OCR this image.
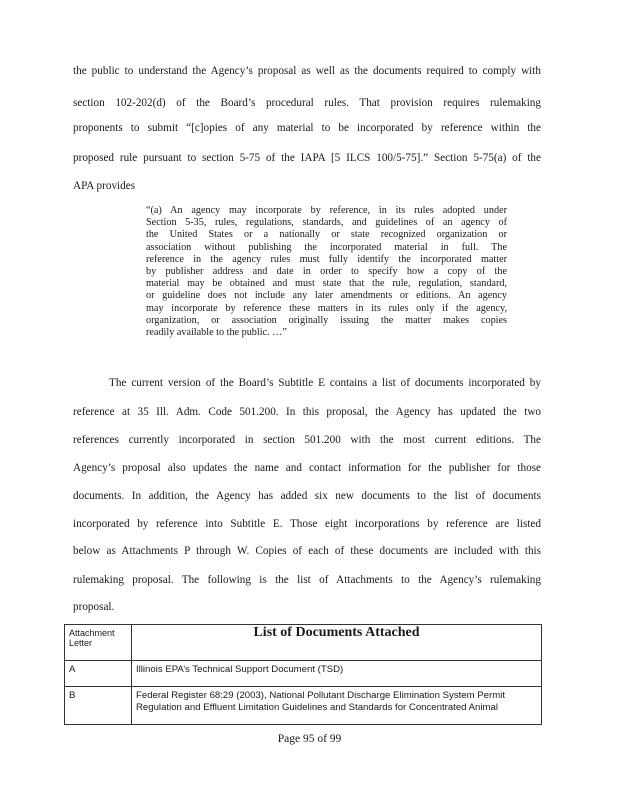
the public to understand the Agency’s proposal as well as the documents required to comply with
section 102-202(d) of the Board’s procedural rules. That provision requires rulemaking
proponents to submit “[c]opies of any material to be incorporated by reference within the
proposed rule pursuant to section 5-75 of the IAPA [5 ILCS 100/5-75].” Section 5-75(a) of the
APA provides
“(a) An agency may incorporate by reference, in its rules adopted under
Section 5-35, rules, regulations, standards, and guidelines of an agency of
the United States or a nationally or state recognized organization or
association without publishing the incorporated material in full. The
reference in the agency rules must fully identify the incorporated matter
by publisher address and date in order to specify how a copy of the
material may be obtained and must state that the rule, regulation, standard,
or guideline does not include any later amendments or editions. An agency
may incorporate by reference these matters in its rules only if the agency,
organization, or association originally issuing the matter makes copies
readily available to the public. …”
The current version of the Board’s Subtitle E contains a list of documents incorporated by
reference at 35 Ill. Adm. Code 501.200. In this proposal, the Agency has updated the two
references currently incorporated in section 501.200 with the most current editions. The
Agency’s proposal also updates the name and contact information for the publisher for those
documents. In addition, the Agency has added six new documents to the list of documents
incorporated by reference into Subtitle E. Those eight incorporations by reference are listed
below as Attachments P through W. Copies of each of these documents are included with this
rulemaking proposal. The following is the list of Attachments to the Agency’s rulemaking
proposal.
Attachment Letter	List of Documents Attached
A	Illinois EPA’s Technical Support Document (TSD)
B	Federal Register 68:29 (2003), National Pollutant Discharge Elimination System Permit Regulation and Effluent Limitation Guidelines and Standards for Concentrated Animal
Page 95 of 99
